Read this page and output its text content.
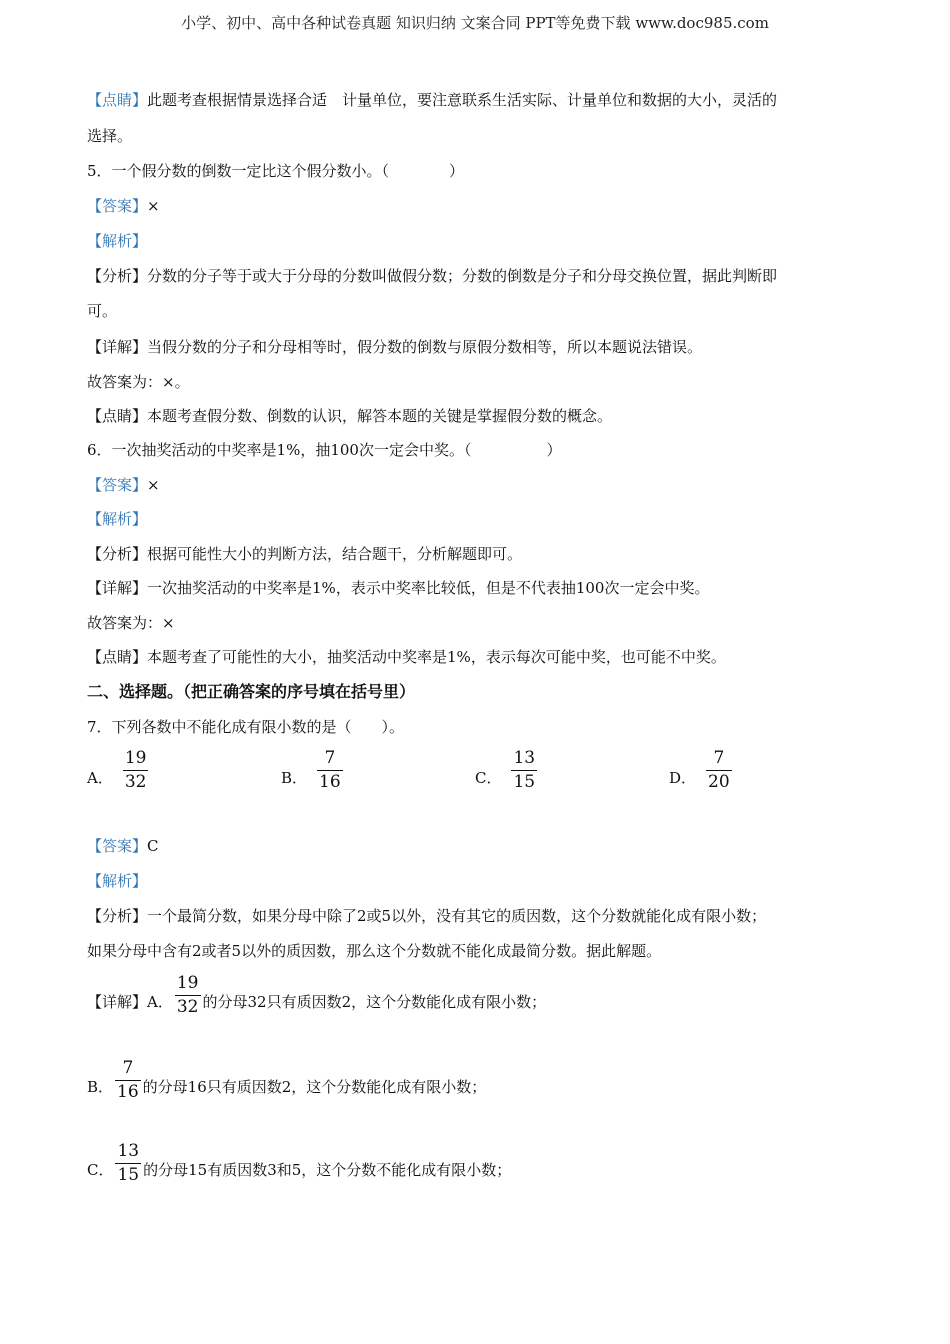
小学、初中、高中各种试卷真题 知识归纳 文案合同 PPT等免费下载 www.doc985.com
【点睛】此题考查根据情景选择合适　计量单位，要注意联系生活实际、计量单位和数据的大小，灵活的
选择。
5．一个假分数的倒数一定比这个假分数小。（　　　　）
【答案】×
【解析】
【分析】分数的分子等于或大于分母的分数叫做假分数；分数的倒数是分子和分母交换位置，据此判断即
可。
【详解】当假分数的分子和分母相等时，假分数的倒数与原假分数相等，所以本题说法错误。
故答案为：×。
【点睛】本题考查假分数、倒数的认识，解答本题的关键是掌握假分数的概念。
6．一次抽奖活动的中奖率是1%，抽100次一定会中奖。（　　　　　）
【答案】×
【解析】
【分析】根据可能性大小的判断方法，结合题干，分析解题即可。
【详解】一次抽奖活动的中奖率是1%，表示中奖率比较低，但是不代表抽100次一定会中奖。
故答案为：×
【点睛】本题考查了可能性的大小，抽奖活动中奖率是1%，表示每次可能中奖，也可能不中奖。
二、选择题。（把正确答案的序号填在括号里）
7．下列各数中不能化成有限小数的是（　　）。
A． $\frac{19}{32}$	B． $\frac{7}{16}$	C． $\frac{13}{15}$	D． $\frac{7}{20}$
【答案】C
【解析】
【分析】一个最简分数，如果分母中除了2或5以外，没有其它的质因数，这个分数就能化成有限小数；
如果分母中含有2或者5以外的质因数，那么这个分数就不能化成最简分数。据此解题。
【详解】A． $\frac{19}{32}$ 的分母32只有质因数2，这个分数能化成有限小数；
B． $\frac{7}{16}$ 的分母16只有质因数2，这个分数能化成有限小数；
C． $\frac{13}{15}$ 的分母15有质因数3和5，这个分数不能化成有限小数；
